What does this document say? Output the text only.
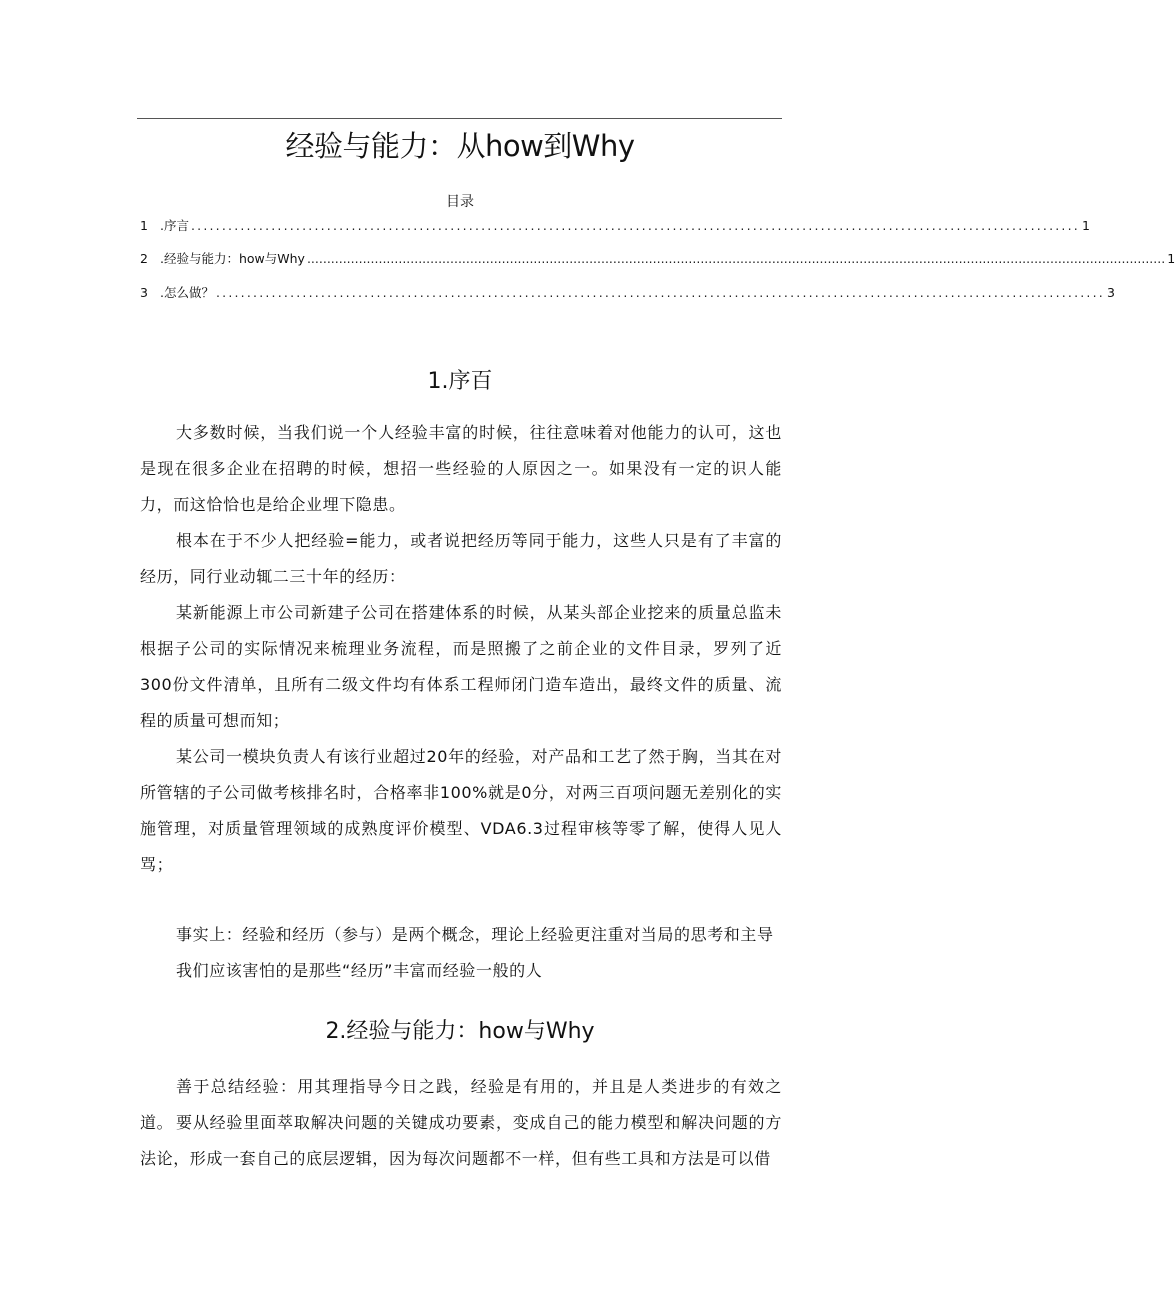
经验与能力：从how到Why
目录
1 .序言 ................................................................................................................................................ 1
2 .经验与能力：how与Why ........................................................................................................................................................................................................................ 1
3 .怎么做？ ................................................................................................................................................ 3
1.序百

大多数时候，当我们说一个人经验丰富的时候，往往意味着对他能力的认可，这也是现在很多企业在招聘的时候，想招一些经验的人原因之一。如果没有一定的识人能力，而这恰恰也是给企业埋下隐患。

根本在于不少人把经验=能力，或者说把经历等同于能力，这些人只是有了丰富的经历，同行业动辄二三十年的经历：

某新能源上市公司新建子公司在搭建体系的时候，从某头部企业挖来的质量总监未根据子公司的实际情况来梳理业务流程，而是照搬了之前企业的文件目录，罗列了近300份文件清单，且所有二级文件均有体系工程师闭门造车造出，最终文件的质量、流程的质量可想而知；

某公司一模块负责人有该行业超过20年的经验，对产品和工艺了然于胸，当其在对所管辖的子公司做考核排名时，合格率非100%就是0分，对两三百项问题无差别化的实施管理，对质量管理领域的成熟度评价模型、VDA6.3过程审核等零了解，使得人见人骂；

事实上：经验和经历（参与）是两个概念，理论上经验更注重对当局的思考和主导

我们应该害怕的是那些“经历”丰富而经验一般的人

2.经验与能力：how与Why

善于总结经验：用其理指导今日之践，经验是有用的，并且是人类进步的有效之道。 要从经验里面萃取解决问题的关键成功要素，变成自己的能力模型和解决问题的方法论，形成一套自己的底层逻辑，因为每次问题都不一样，但有些工具和方法是可以借
